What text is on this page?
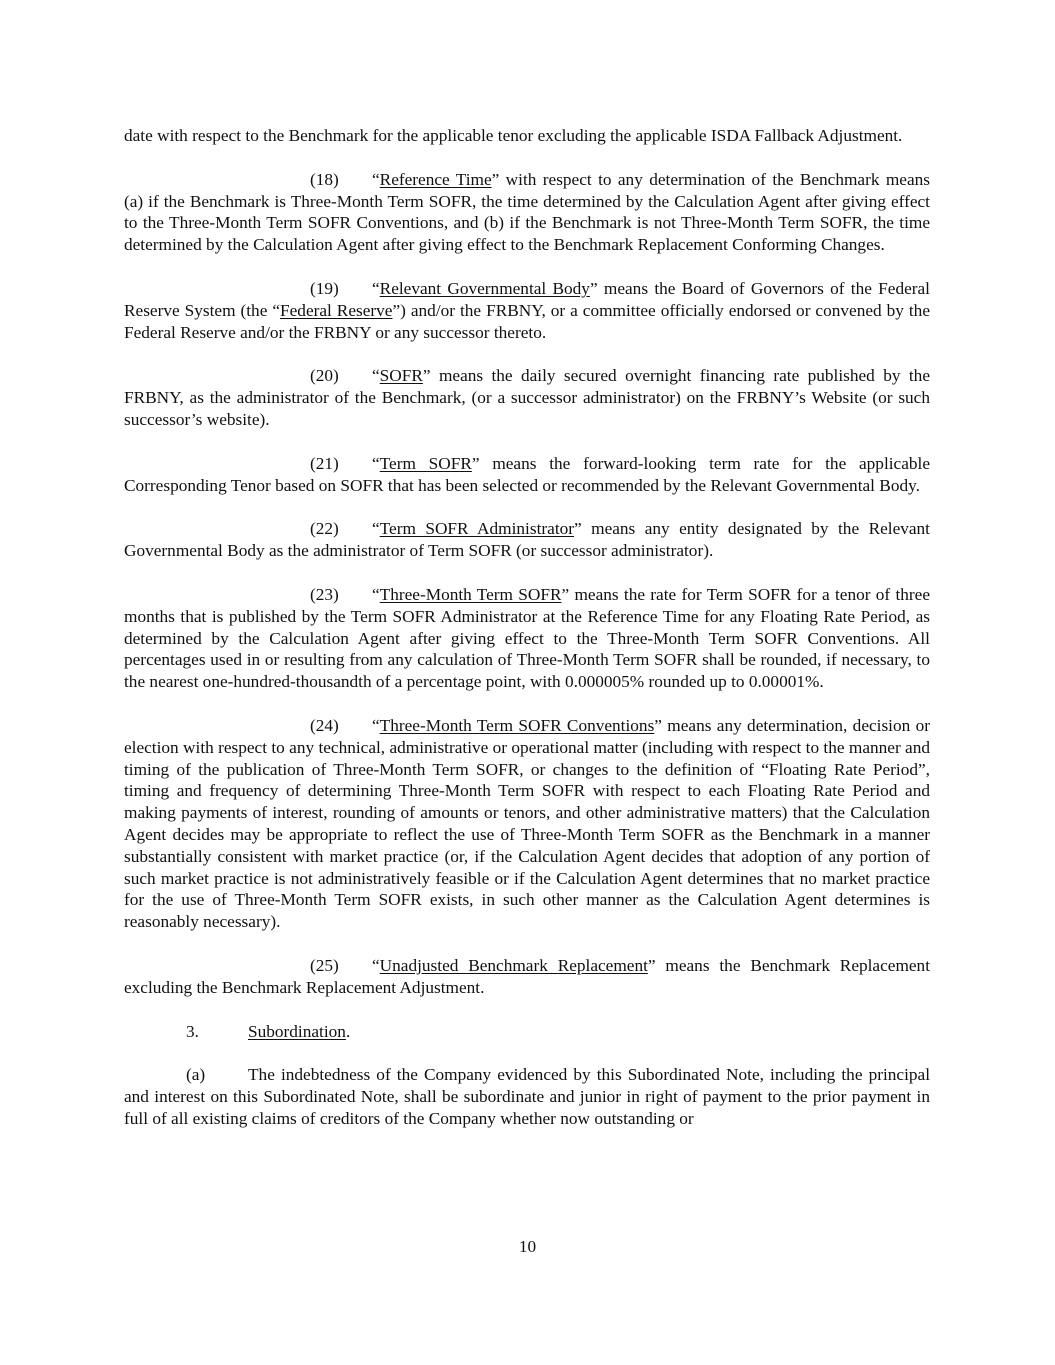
date with respect to the Benchmark for the applicable tenor excluding the applicable ISDA Fallback Adjustment.

(18) “Reference Time” with respect to any determination of the Benchmark means (a) if the Benchmark is Three-Month Term SOFR, the time determined by the Calculation Agent after giving effect to the Three-Month Term SOFR Conventions, and (b) if the Benchmark is not Three-Month Term SOFR, the time determined by the Calculation Agent after giving effect to the Benchmark Replacement Conforming Changes.

(19) “Relevant Governmental Body” means the Board of Governors of the Federal Reserve System (the “Federal Reserve”) and/or the FRBNY, or a committee officially endorsed or convened by the Federal Reserve and/or the FRBNY or any successor thereto.

(20) “SOFR” means the daily secured overnight financing rate published by the FRBNY, as the administrator of the Benchmark, (or a successor administrator) on the FRBNY’s Website (or such successor’s website).

(21) “Term SOFR” means the forward-looking term rate for the applicable Corresponding Tenor based on SOFR that has been selected or recommended by the Relevant Governmental Body.

(22) “Term SOFR Administrator” means any entity designated by the Relevant Governmental Body as the administrator of Term SOFR (or successor administrator).

(23) “Three-Month Term SOFR” means the rate for Term SOFR for a tenor of three months that is published by the Term SOFR Administrator at the Reference Time for any Floating Rate Period, as determined by the Calculation Agent after giving effect to the Three-Month Term SOFR Conventions. All percentages used in or resulting from any calculation of Three-Month Term SOFR shall be rounded, if necessary, to the nearest one-hundred-thousandth of a percentage point, with 0.000005% rounded up to 0.00001%.

(24) “Three-Month Term SOFR Conventions” means any determination, decision or election with respect to any technical, administrative or operational matter (including with respect to the manner and timing of the publication of Three-Month Term SOFR, or changes to the definition of “Floating Rate Period”, timing and frequency of determining Three-Month Term SOFR with respect to each Floating Rate Period and making payments of interest, rounding of amounts or tenors, and other administrative matters) that the Calculation Agent decides may be appropriate to reflect the use of Three-Month Term SOFR as the Benchmark in a manner substantially consistent with market practice (or, if the Calculation Agent decides that adoption of any portion of such market practice is not administratively feasible or if the Calculation Agent determines that no market practice for the use of Three-Month Term SOFR exists, in such other manner as the Calculation Agent determines is reasonably necessary).

(25) “Unadjusted Benchmark Replacement” means the Benchmark Replacement excluding the Benchmark Replacement Adjustment.

3.	Subordination.

(a) The indebtedness of the Company evidenced by this Subordinated Note, including the principal and interest on this Subordinated Note, shall be subordinate and junior in right of payment to the prior payment in full of all existing claims of creditors of the Company whether now outstanding or

10
